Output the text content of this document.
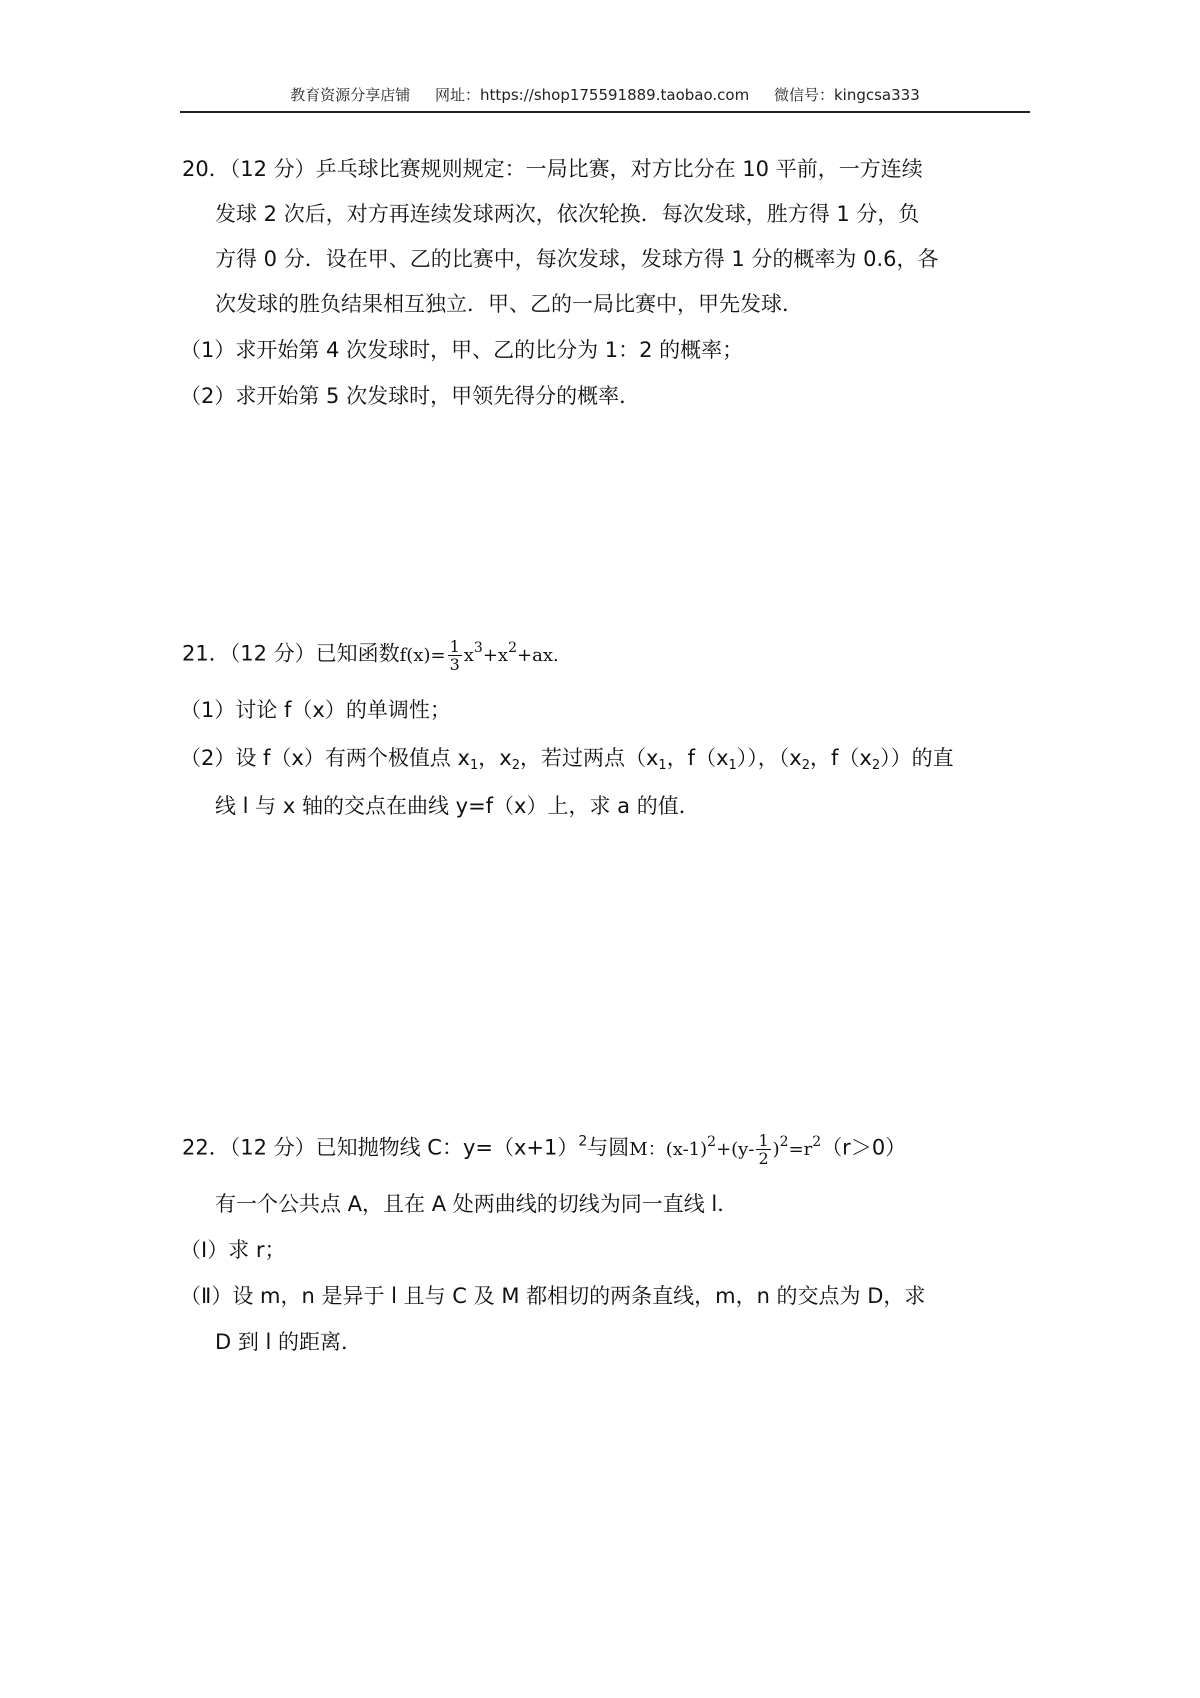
教育资源分享店铺 网址：https://shop175591889.taobao.com 微信号：kingcsa333
20．（12 分）乒乓球比赛规则规定：一局比赛，对方比分在 10 平前，一方连续
发球 2 次后，对方再连续发球两次，依次轮换．每次发球，胜方得 1 分，负
方得 0 分．设在甲、乙的比赛中，每次发球，发球方得 1 分的概率为 0.6，各
次发球的胜负结果相互独立．甲、乙的一局比赛中，甲先发球．
（1）求开始第 4 次发球时，甲、乙的比分为 1：2 的概率；
（2）求开始第 5 次发球时，甲领先得分的概率．
21．（12 分）已知函数$f(x)= \frac{1}{3} x^3+x^2+ax$.
（1）讨论 f（x）的单调性；
（2）设 f（x）有两个极值点 $x_1$，$x_2$，若过两点（$x_1$，$f(x_1)$），（$x_2$，$f(x_2)$）的直
线 l 与 x 轴的交点在曲线 y=f（x）上，求 a 的值．
22．（12 分）已知抛物线 C：$y=(x+1)^2$与圆M：$(x-1)^2+(y- \frac{1}{2} )^2=r^2(r>0)$
有一个公共点 A，且在 A 处两曲线的切线为同一直线 l．
（Ⅰ）求 r；
（Ⅱ）设 m，n 是异于 l 且与 C 及 M 都相切的两条直线，m，n 的交点为 D，求
D 到 l 的距离．
